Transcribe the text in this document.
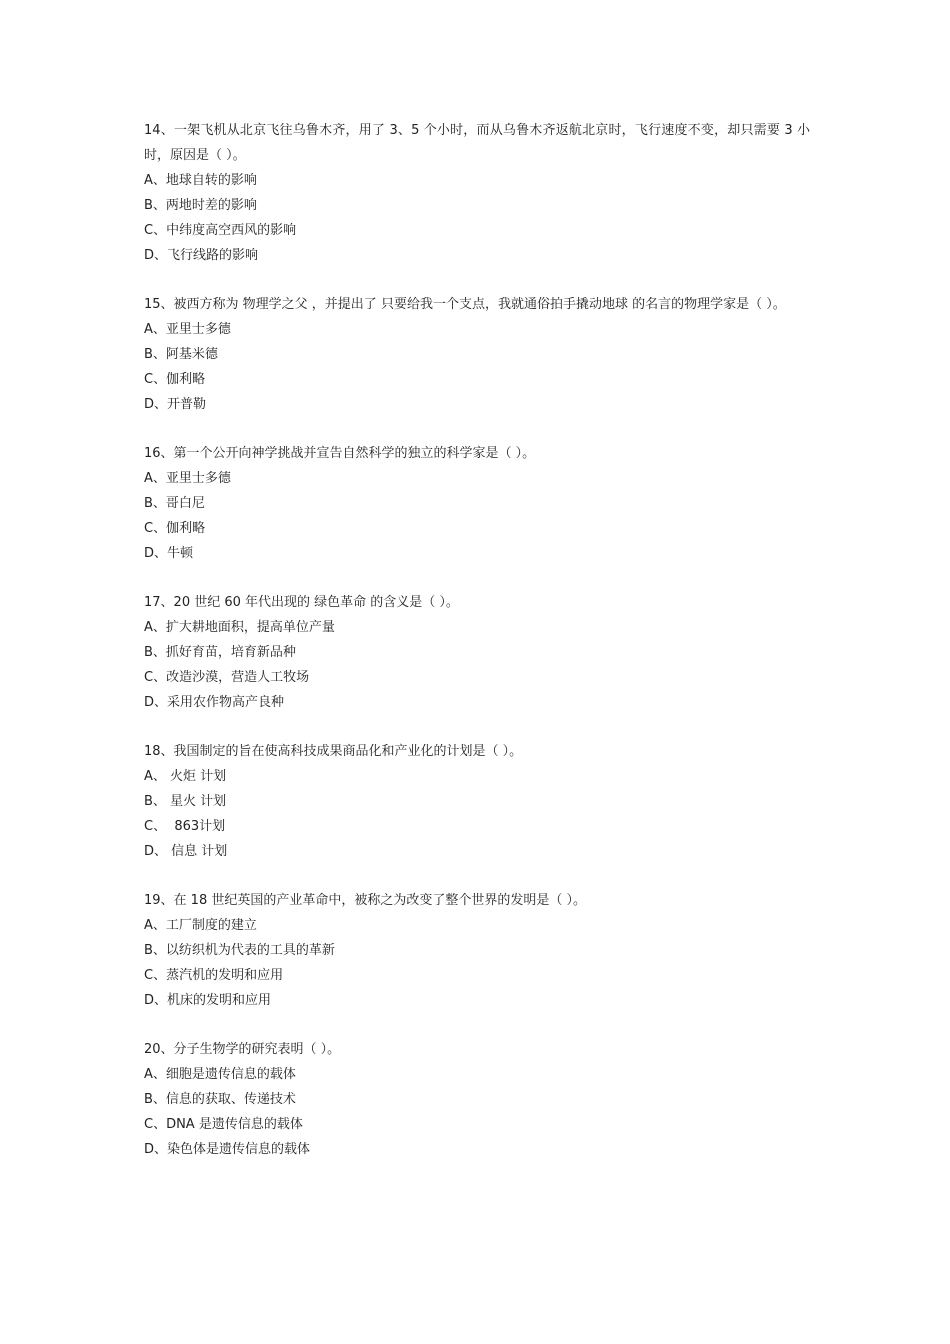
14、一架飞机从北京飞往乌鲁木齐，用了 3、5 个小时，而从乌鲁木齐返航北京时，飞行速度不变，却只需要 3 小时，原因是（ ）。

A、地球自转的影响

B、两地时差的影响

C、中纬度高空西风的影响

D、飞行线路的影响

15、被西方称为 物理学之父 ，并提出了 只要给我一个支点，我就通俗拍手撬动地球 的名言的物理学家是（ ）。

A、亚里士多德

B、阿基米德

C、伽利略

D、开普勒

16、第一个公开向神学挑战并宣告自然科学的独立的科学家是（ ）。

A、亚里士多德

B、哥白尼

C、伽利略

D、牛顿

17、20 世纪 60 年代出现的 绿色革命 的含义是（ ）。

A、扩大耕地面积，提高单位产量

B、抓好育苗，培育新品种

C、改造沙漠，营造人工牧场

D、采用农作物高产良种

18、我国制定的旨在使高科技成果商品化和产业化的计划是（ ）。

A、 火炬 计划

B、 星火 计划

C、  863计划

D、 信息 计划

19、在 18 世纪英国的产业革命中，被称之为改变了整个世界的发明是（ ）。

A、工厂制度的建立

B、以纺织机为代表的工具的革新

C、蒸汽机的发明和应用

D、机床的发明和应用

20、分子生物学的研究表明（ ）。

A、细胞是遗传信息的载体

B、信息的获取、传递技术

C、DNA 是遗传信息的载体

D、染色体是遗传信息的载体
